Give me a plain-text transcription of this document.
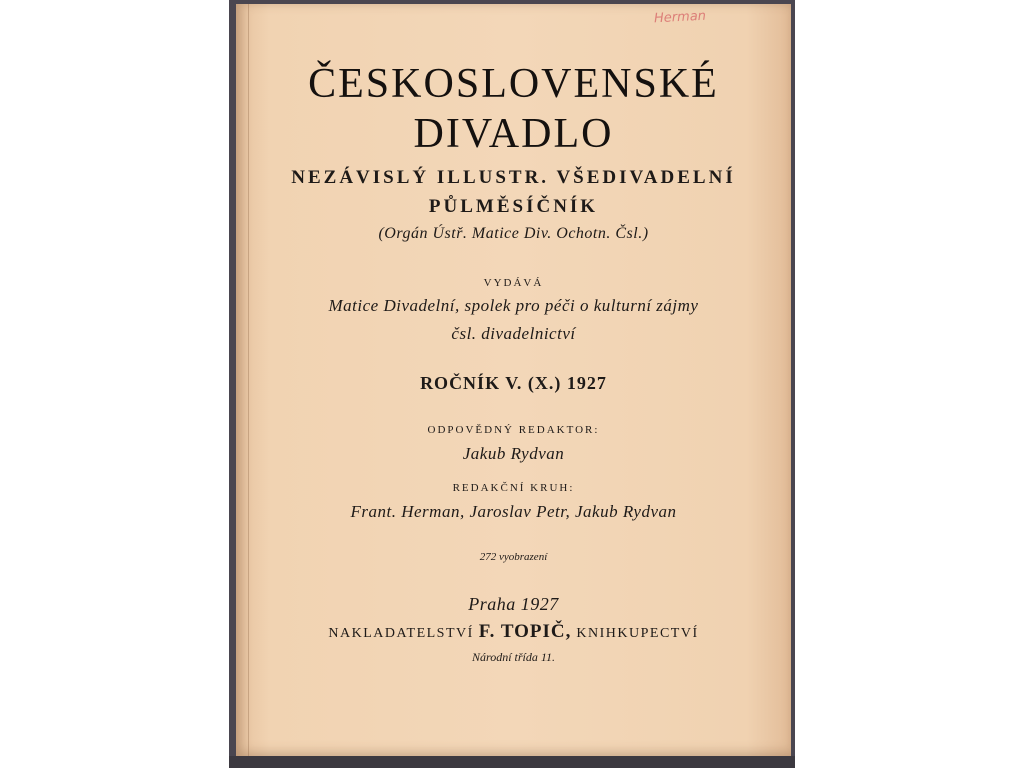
Herman
ČESKOSLOVENSKÉ
DIVADLO
NEZÁVISLÝ ILLUSTR. VŠEDIVADELNÍ
PŮLMĚSÍČNÍK
(Orgán Ústř. Matice Div. Ochotn. Čsl.)
VYDÁVÁ
Matice Divadelní, spolek pro péči o kulturní zájmy
čsl. divadelnictví
ROČNÍK V. (X.) 1927
ODPOVĚDNÝ REDAKTOR:
Jakub Rydvan
REDAKČNÍ KRUH:
Frant. Herman, Jaroslav Petr, Jakub Rydvan
272 vyobrazení
Praha 1927
NAKLADATELSTVÍ F. TOPIČ, KNIHKUPECTVÍ
Národní třída 11.
